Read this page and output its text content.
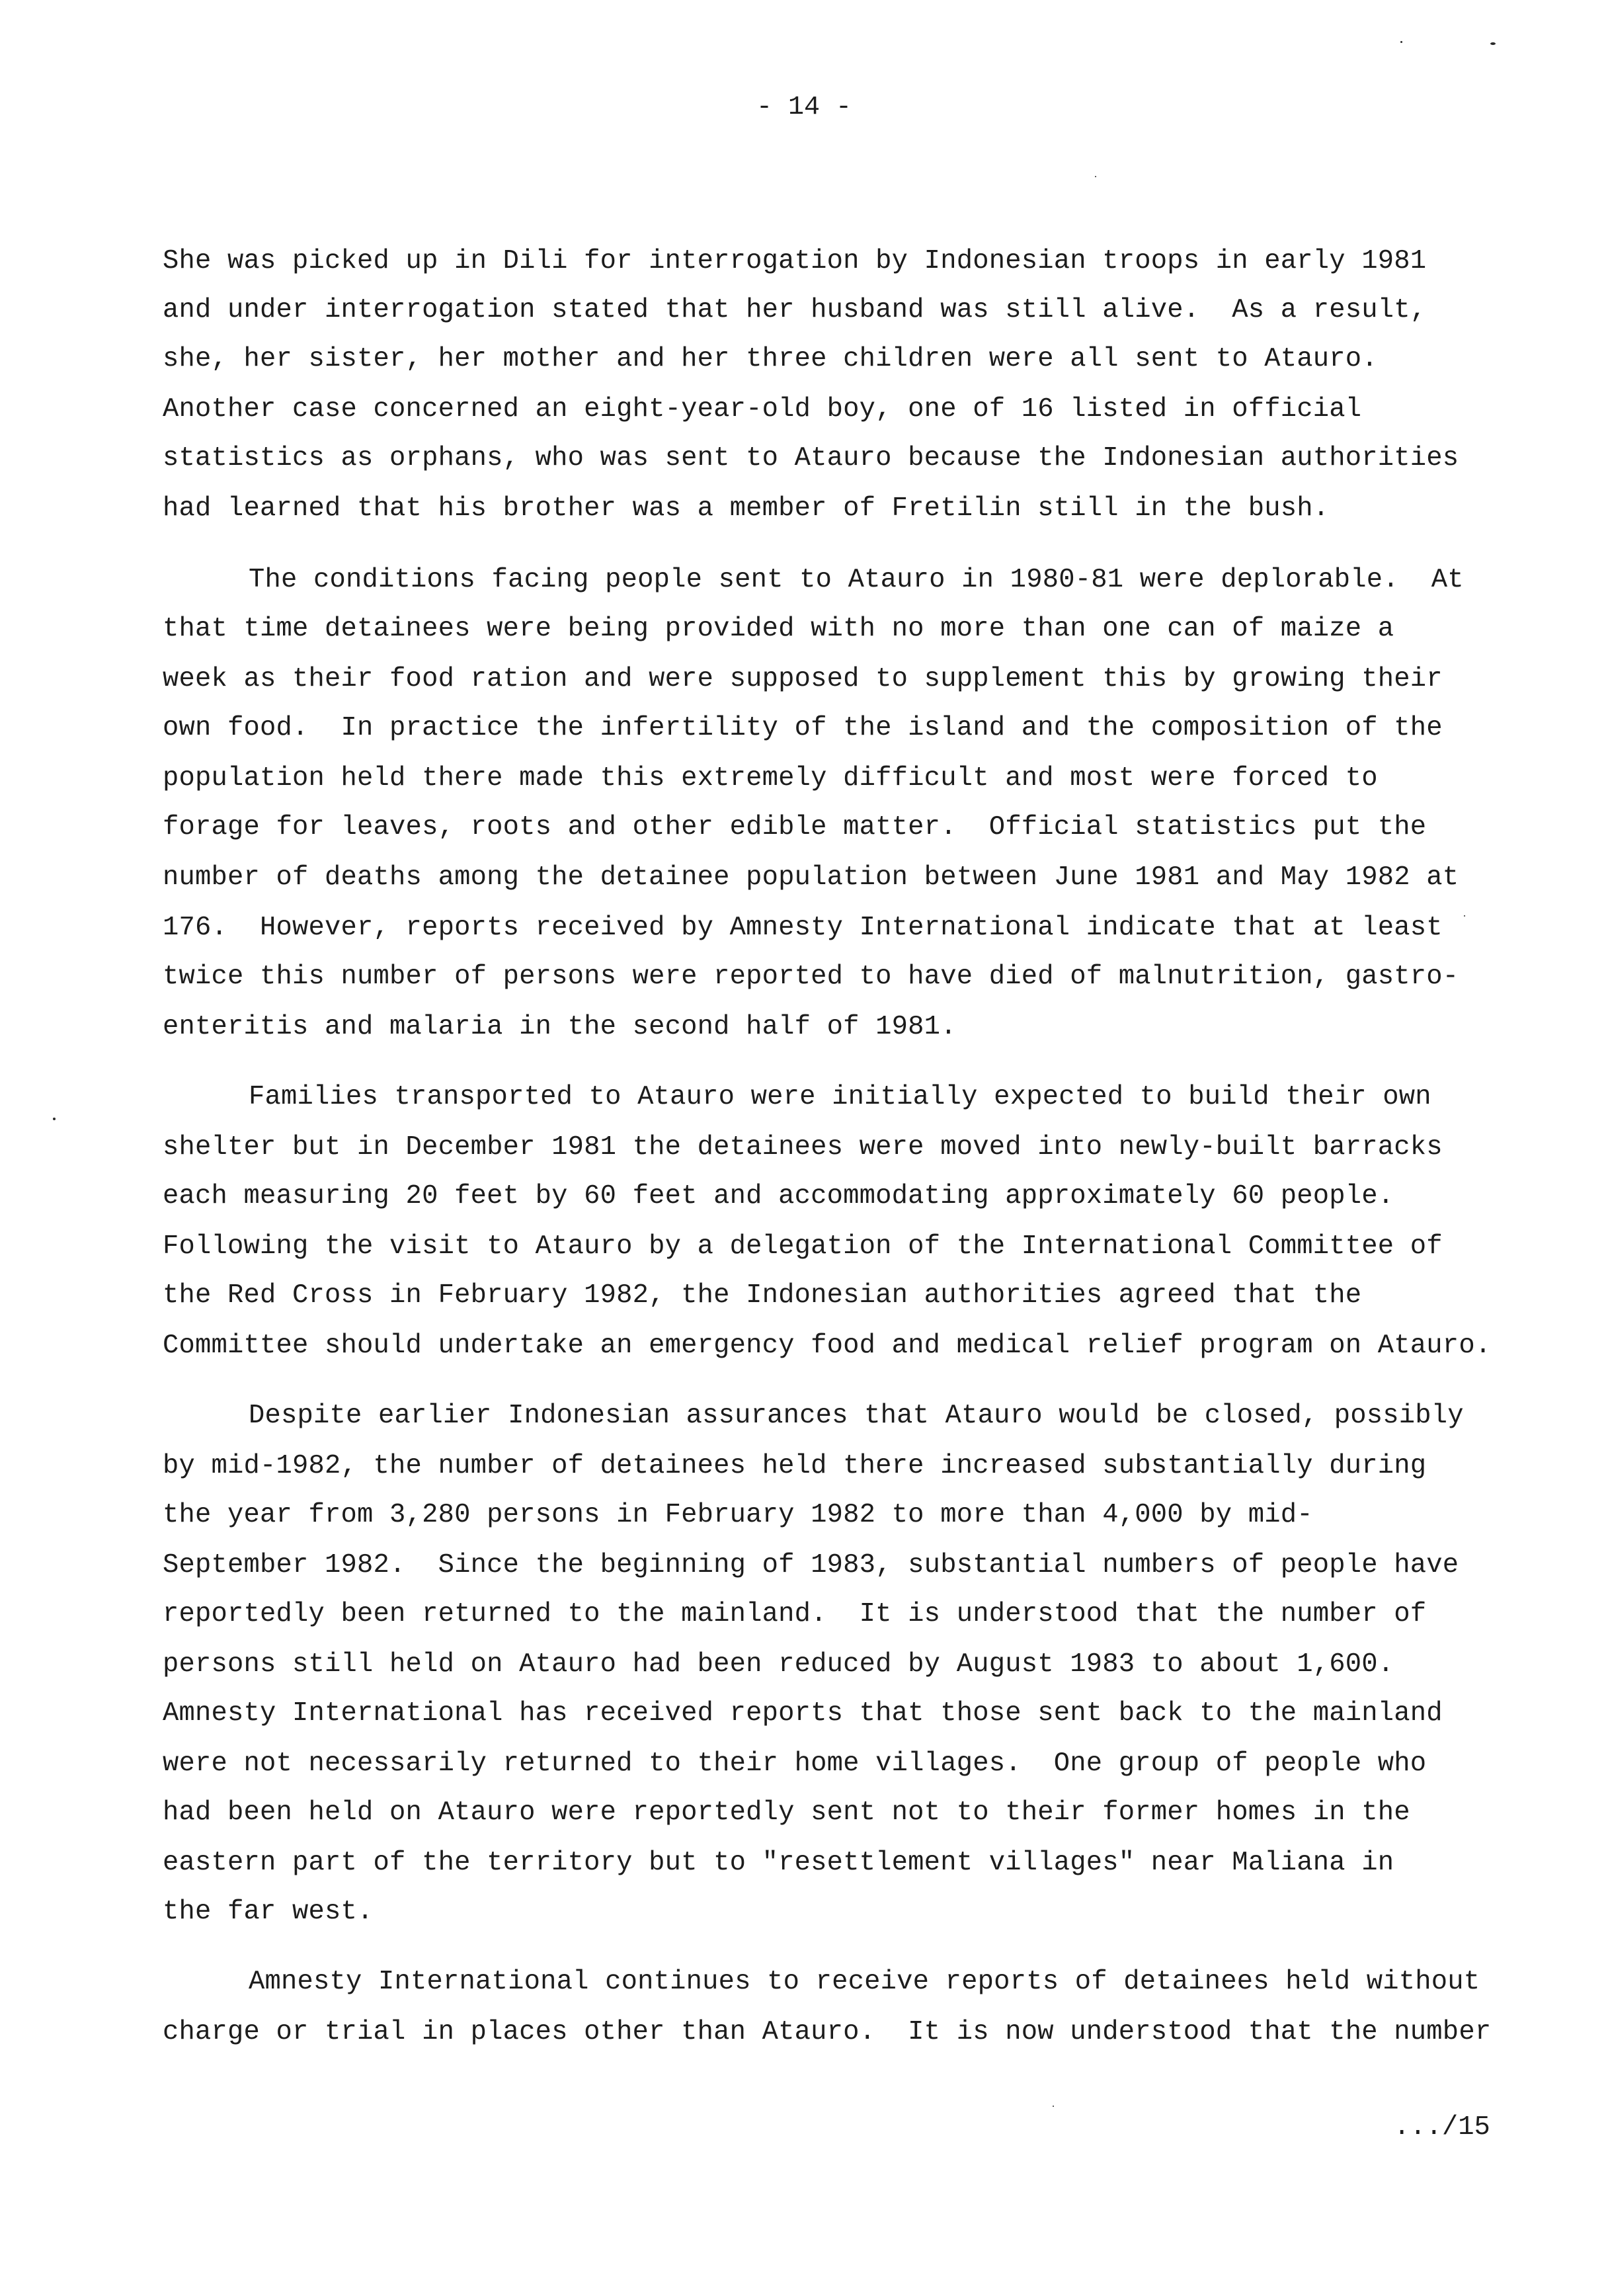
- 14 -
She was picked up in Dili for interrogation by Indonesian troops in early 1981
and under interrogation stated that her husband was still alive.  As a result,
she, her sister, her mother and her three children were all sent to Atauro.
Another case concerned an eight-year-old boy, one of 16 listed in official
statistics as orphans, who was sent to Atauro because the Indonesian authorities
had learned that his brother was a member of Fretilin still in the bush.
The conditions facing people sent to Atauro in 1980-81 were deplorable.  At
that time detainees were being provided with no more than one can of maize a
week as their food ration and were supposed to supplement this by growing their
own food.  In practice the infertility of the island and the composition of the
population held there made this extremely difficult and most were forced to
forage for leaves, roots and other edible matter.  Official statistics put the
number of deaths among the detainee population between June 1981 and May 1982 at
176.  However, reports received by Amnesty International indicate that at least
twice this number of persons were reported to have died of malnutrition, gastro-
enteritis and malaria in the second half of 1981.
Families transported to Atauro were initially expected to build their own
shelter but in December 1981 the detainees were moved into newly-built barracks
each measuring 20 feet by 60 feet and accommodating approximately 60 people.
Following the visit to Atauro by a delegation of the International Committee of
the Red Cross in February 1982, the Indonesian authorities agreed that the
Committee should undertake an emergency food and medical relief program on Atauro.
Despite earlier Indonesian assurances that Atauro would be closed, possibly
by mid-1982, the number of detainees held there increased substantially during
the year from 3,280 persons in February 1982 to more than 4,000 by mid-
September 1982.  Since the beginning of 1983, substantial numbers of people have
reportedly been returned to the mainland.  It is understood that the number of
persons still held on Atauro had been reduced by August 1983 to about 1,600.
Amnesty International has received reports that those sent back to the mainland
were not necessarily returned to their home villages.  One group of people who
had been held on Atauro were reportedly sent not to their former homes in the
eastern part of the territory but to "resettlement villages" near Maliana in
the far west.
Amnesty International continues to receive reports of detainees held without
charge or trial in places other than Atauro.  It is now understood that the number
.../15
